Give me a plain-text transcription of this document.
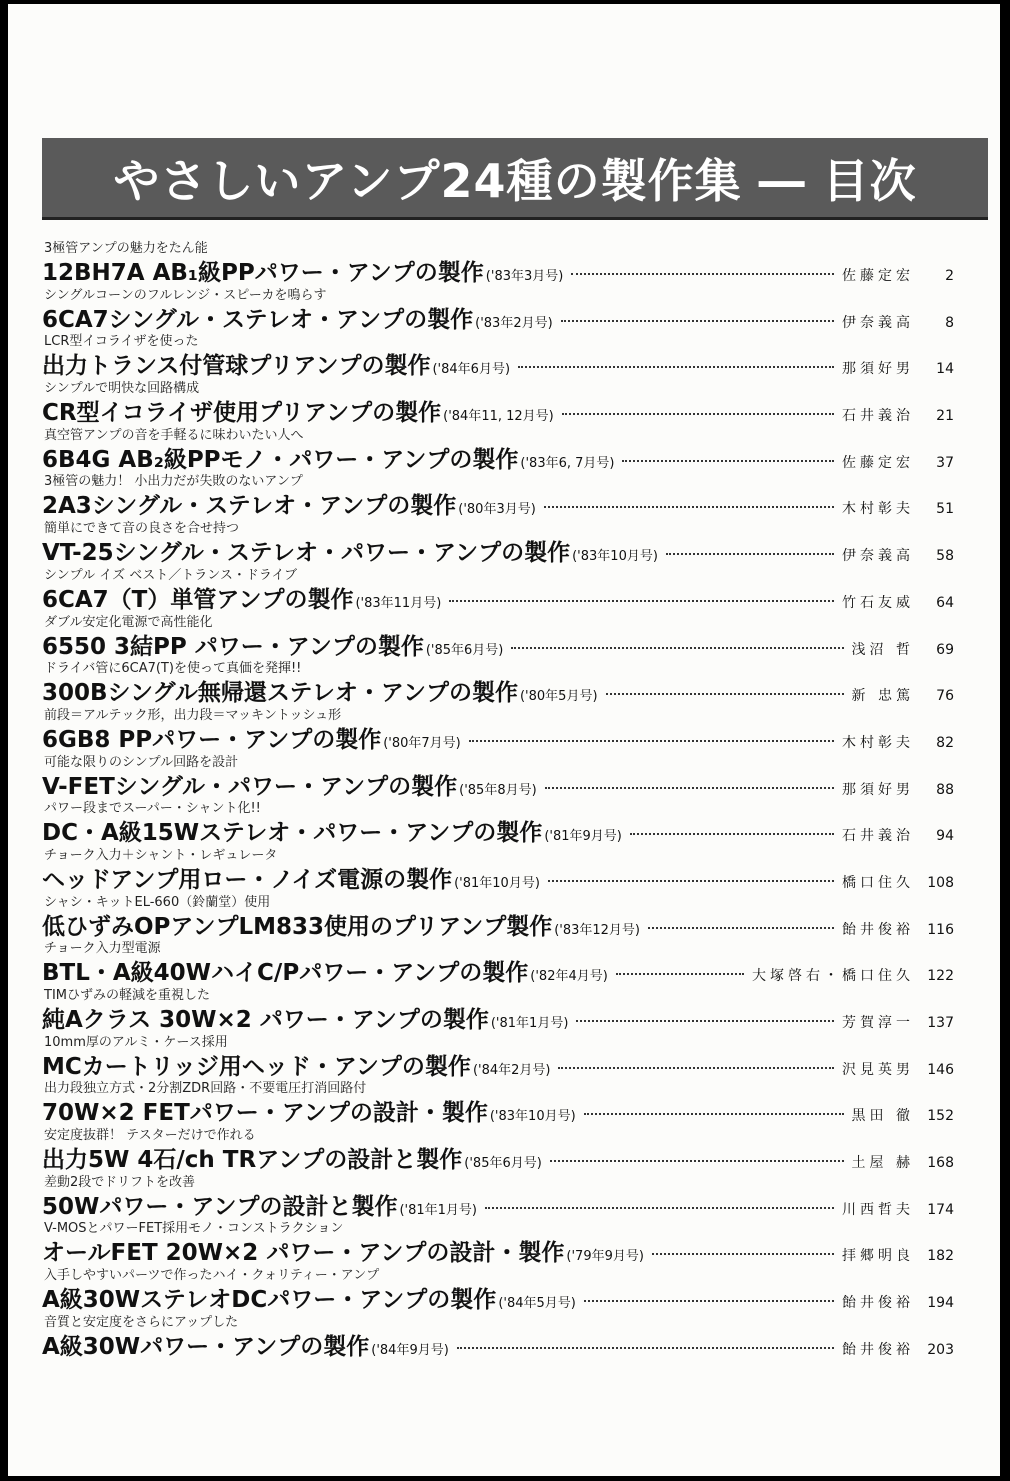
やさしいアンプ24種の製作集 ― 目次
3極管アンプの魅力をたん能
12BH7A AB₁級PPパワー・アンプの製作 ('83年3月号)	佐藤定宏	2
シングルコーンのフルレンジ・スピーカを鳴らす
6CA7シングル・ステレオ・アンプの製作 ('83年2月号)	伊奈義高	8
LCR型イコライザを使った
出力トランス付管球プリアンプの製作 ('84年6月号)	那須好男	14
シンプルで明快な回路構成
CR型イコライザ使用プリアンプの製作 ('84年11, 12月号)	石井義治	21
真空管アンプの音を手軽るに味わいたい人へ
6B4G AB₂級PPモノ・パワー・アンプの製作 ('83年6, 7月号)	佐藤定宏	37
3極管の魅力！ 小出力だが失敗のないアンプ
2A3シングル・ステレオ・アンプの製作 ('80年3月号)	木村彰夫	51
簡単にできて音の良さを合せ持つ
VT-25シングル・ステレオ・パワー・アンプの製作 ('83年10月号)	伊奈義高	58
シンプル イズ ベスト／トランス・ドライブ
6CA7（T）単管アンプの製作 ('83年11月号)	竹石友威	64
ダブル安定化電源で高性能化
6550 3結PP パワー・アンプの製作 ('85年6月号)	浅沼 哲	69
ドライバ管に6CA7(T)を使って真価を発揮!!
300Bシングル無帰還ステレオ・アンプの製作 ('80年5月号)	新 忠篤	76
前段＝アルテック形，出力段＝マッキントッシュ形
6GB8 PPパワー・アンプの製作 ('80年7月号)	木村彰夫	82
可能な限りのシンプル回路を設計
V-FETシングル・パワー・アンプの製作 ('85年8月号)	那須好男	88
パワー段までスーパー・シャント化!!
DC・A級15Wステレオ・パワー・アンプの製作 ('81年9月号)	石井義治	94
チョーク入力＋シャント・レギュレータ
ヘッドアンプ用ロー・ノイズ電源の製作 ('81年10月号)	橋口住久 108
シャシ・キットEL-660（鈴蘭堂）使用
低ひずみOPアンプLM833使用のプリアンプ製作 ('83年12月号)	飴井俊裕 116
チョーク入力型電源
BTL・A級40WハイC/Pパワー・アンプの製作 ('82年4月号)	大塚啓右・橋口住久 122
TIMひずみの軽減を重視した
純Aクラス 30W×2 パワー・アンプの製作 ('81年1月号)	芳賀淳一 137
10mm厚のアルミ・ケース採用
MCカートリッジ用ヘッド・アンプの製作 ('84年2月号)	沢見英男 146
出力段独立方式・2分割ZDR回路・不要電圧打消回路付
70W×2 FETパワー・アンプの設計・製作 ('83年10月号)	黒田 徹 152
安定度抜群！ テスターだけで作れる
出力5W 4石/ch TRアンプの設計と製作 ('85年6月号)	土屋 赫 168
差動2段でドリフトを改善
50Wパワー・アンプの設計と製作 ('81年1月号)	川西哲夫 174
V-MOSとパワーFET採用モノ・コンストラクション
オールFET 20W×2 パワー・アンプの設計・製作 ('79年9月号)	拝郷明良 182
入手しやすいパーツで作ったハイ・クォリティー・アンプ
A級30WステレオDCパワー・アンプの製作 ('84年5月号)	飴井俊裕 194
音質と安定度をさらにアップした
A級30Wパワー・アンプの製作 ('84年9月号)	飴井俊裕 203
